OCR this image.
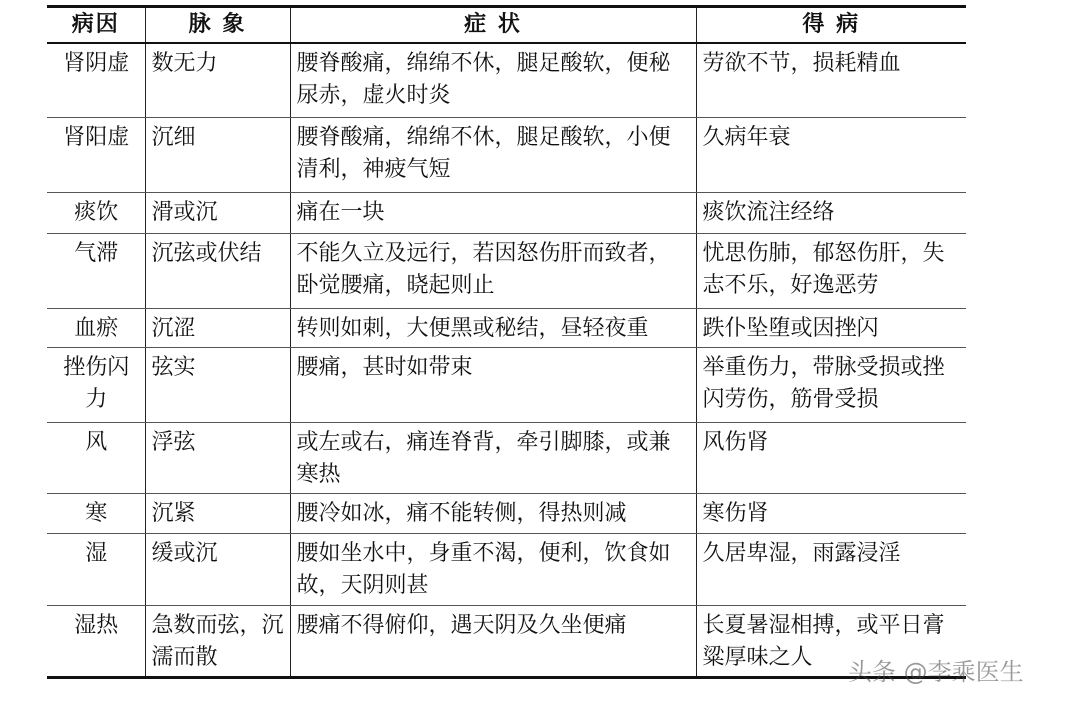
病因	脉 象	症 状	得 病
肾阴虚	数无力	腰脊酸痛，绵绵不休，腿足酸软，便秘尿赤，虚火时炎	劳欲不节，损耗精血
肾阳虚	沉细	腰脊酸痛，绵绵不休，腿足酸软，小便清利，神疲气短	久病年衰
痰饮	滑或沉	痛在一块	痰饮流注经络
气滞	沉弦或伏结	不能久立及远行，若因怒伤肝而致者，卧觉腰痛，晓起则止	忧思伤肺，郁怒伤肝，失志不乐，好逸恶劳
血瘀	沉涩	转则如刺，大便黑或秘结，昼轻夜重	跌仆坠堕或因挫闪
挫伤闪力	弦实	腰痛，甚时如带束	举重伤力，带脉受损或挫闪劳伤，筋骨受损
风	浮弦	或左或右，痛连脊背，牵引脚膝，或兼寒热	风伤肾
寒	沉紧	腰冷如冰，痛不能转侧，得热则减	寒伤肾
湿	缓或沉	腰如坐水中，身重不渴，便利，饮食如故，天阴则甚	久居卑湿，雨露浸淫
湿热	急数而弦，沉濡而散	腰痛不得俯仰，遇天阴及久坐便痛	长夏暑湿相搏，或平日膏粱厚味之人
头条 @李乘医生
